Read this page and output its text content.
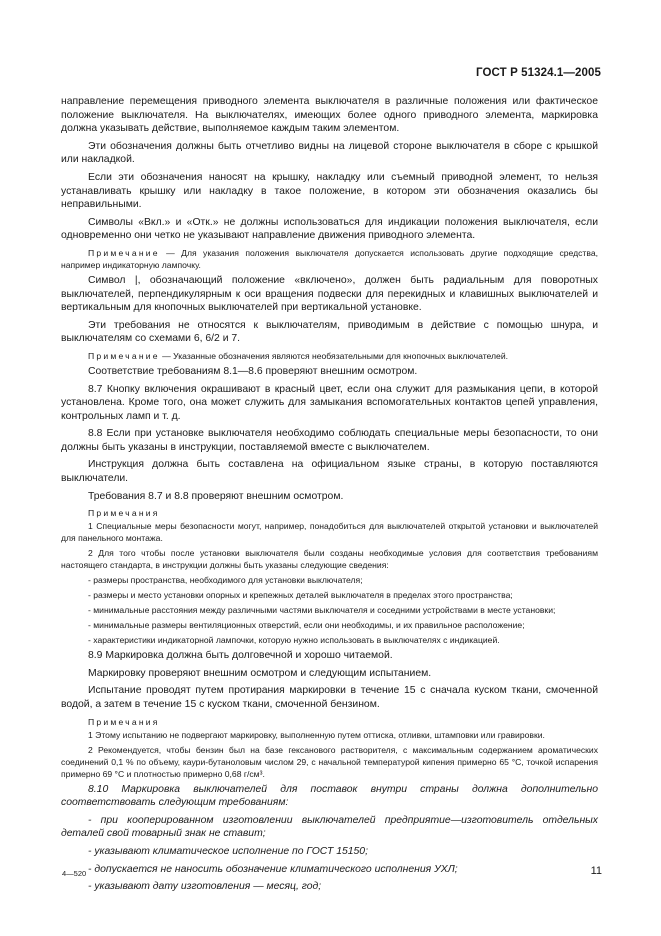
ГОСТ Р 51324.1—2005

направление перемещения приводного элемента выключателя в различные положения или фактическое положение выключателя. На выключателях, имеющих более одного приводного элемента, маркировка должна указывать действие, выполняемое каждым таким элементом.

Эти обозначения должны быть отчетливо видны на лицевой стороне выключателя в сборе с крышкой или накладкой.

Если эти обозначения наносят на крышку, накладку или съемный приводной элемент, то нельзя устанавливать крышку или накладку в такое положение, в котором эти обозначения оказались бы неправильными.

Символы «Вкл.» и «Отк.» не должны использоваться для индикации положения выключателя, если одновременно они четко не указывают направление движения приводного элемента.

Примечание — Для указания положения выключателя допускается использовать другие подходящие средства, например индикаторную лампочку.

Символ |, обозначающий положение «включено», должен быть радиальным для поворотных выключателей, перпендикулярным к оси вращения подвески для перекидных и клавишных выключателей и вертикальным для кнопочных выключателей при вертикальной установке.

Эти требования не относятся к выключателям, приводимым в действие с помощью шнура, и выключателям со схемами 6, 6/2 и 7.

Примечание — Указанные обозначения являются необязательными для кнопочных выключателей.

Соответствие требованиям 8.1—8.6 проверяют внешним осмотром.

8.7 Кнопку включения окрашивают в красный цвет, если она служит для размыкания цепи, в которой установлена. Кроме того, она может служить для замыкания вспомогательных контактов цепей управления, контрольных ламп и т. д.

8.8 Если при установке выключателя необходимо соблюдать специальные меры безопасности, то они должны быть указаны в инструкции, поставляемой вместе с выключателем.

Инструкция должна быть составлена на официальном языке страны, в которую поставляются выключатели.

Требования 8.7 и 8.8 проверяют внешним осмотром.

Примечания

1 Специальные меры безопасности могут, например, понадобиться для выключателей открытой установки и выключателей для панельного монтажа.

2 Для того чтобы после установки выключателя были созданы необходимые условия для соответствия требованиям настоящего стандарта, в инструкции должны быть указаны следующие сведения:

- размеры пространства, необходимого для установки выключателя;

- размеры и место установки опорных и крепежных деталей выключателя в пределах этого пространства;

- минимальные расстояния между различными частями выключателя и соседними устройствами в месте установки;

- минимальные размеры вентиляционных отверстий, если они необходимы, и их правильное расположение;

- характеристики индикаторной лампочки, которую нужно использовать в выключателях с индикацией.

8.9 Маркировка должна быть долговечной и хорошо читаемой.

Маркировку проверяют внешним осмотром и следующим испытанием.

Испытание проводят путем протирания маркировки в течение 15 с сначала куском ткани, смоченной водой, а затем в течение 15 с куском ткани, смоченной бензином.

Примечания

1 Этому испытанию не подвергают маркировку, выполненную путем оттиска, отливки, штамповки или гравировки.

2 Рекомендуется, чтобы бензин был на базе гексанового растворителя, с максимальным содержанием ароматических соединений 0,1 % по объему, каури-бутаноловым числом 29, с начальной температурой кипения примерно 65 °С, точкой испарения примерно 69 °С и плотностью примерно 0,68 г/см³.

8.10 Маркировка выключателей для поставок внутри страны должна дополнительно соответствовать следующим требованиям:

- при кооперированном изготовлении выключателей предприятие—изготовитель отдельных деталей свой товарный знак не ставит;

- указывают климатическое исполнение по ГОСТ 15150;

- допускается не наносить обозначение климатического исполнения УХЛ;

- указывают дату изготовления — месяц, год;

4—520	11
